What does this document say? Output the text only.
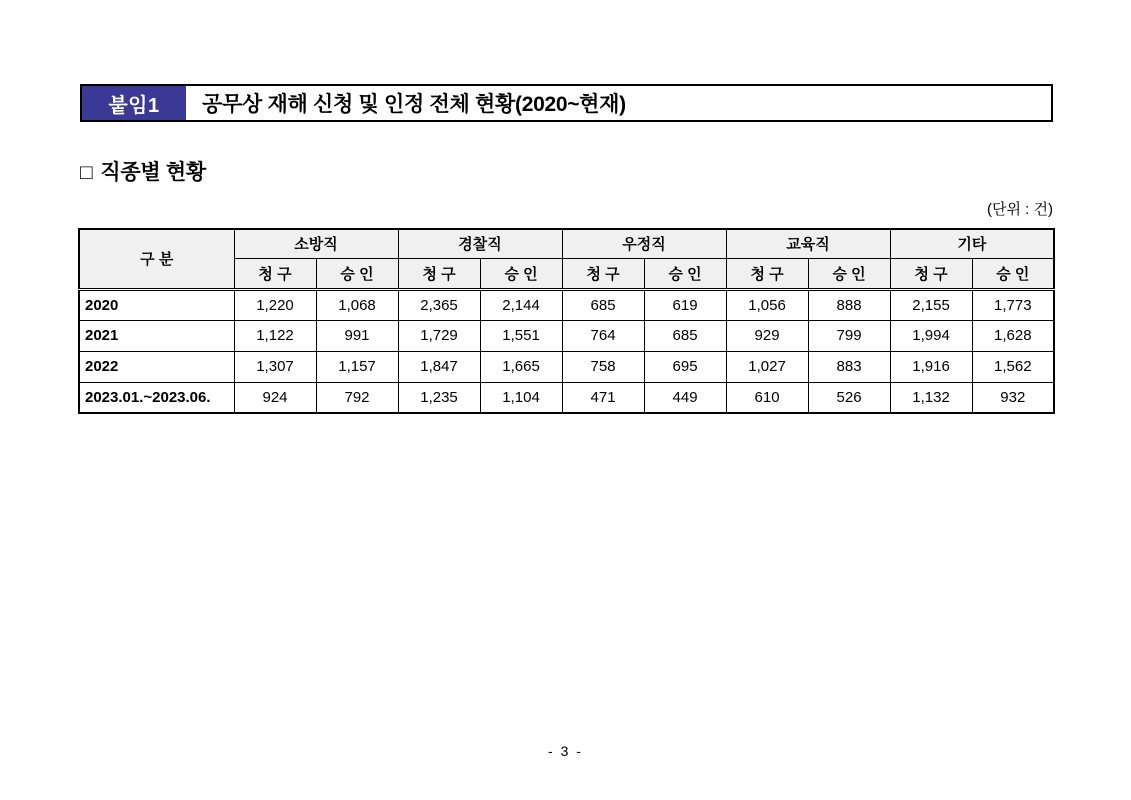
붙임1	공무상 재해 신청 및 인정 전체 현황(2020~현재)
□ 직종별 현황
(단위 : 건)
구 분	소방직		경찰직		우정직		교육직		기타	
	청 구	승 인	청 구	승 인	청 구	승 인	청 구	승 인	청 구	승 인
2020	1,220	1,068	2,365	2,144	685	619	1,056	888	2,155	1,773
2021	1,122	991	1,729	1,551	764	685	929	799	1,994	1,628
2022	1,307	1,157	1,847	1,665	758	695	1,027	883	1,916	1,562
2023.01.~2023.06.	924	792	1,235	1,104	471	449	610	526	1,132	932
- 3 -
